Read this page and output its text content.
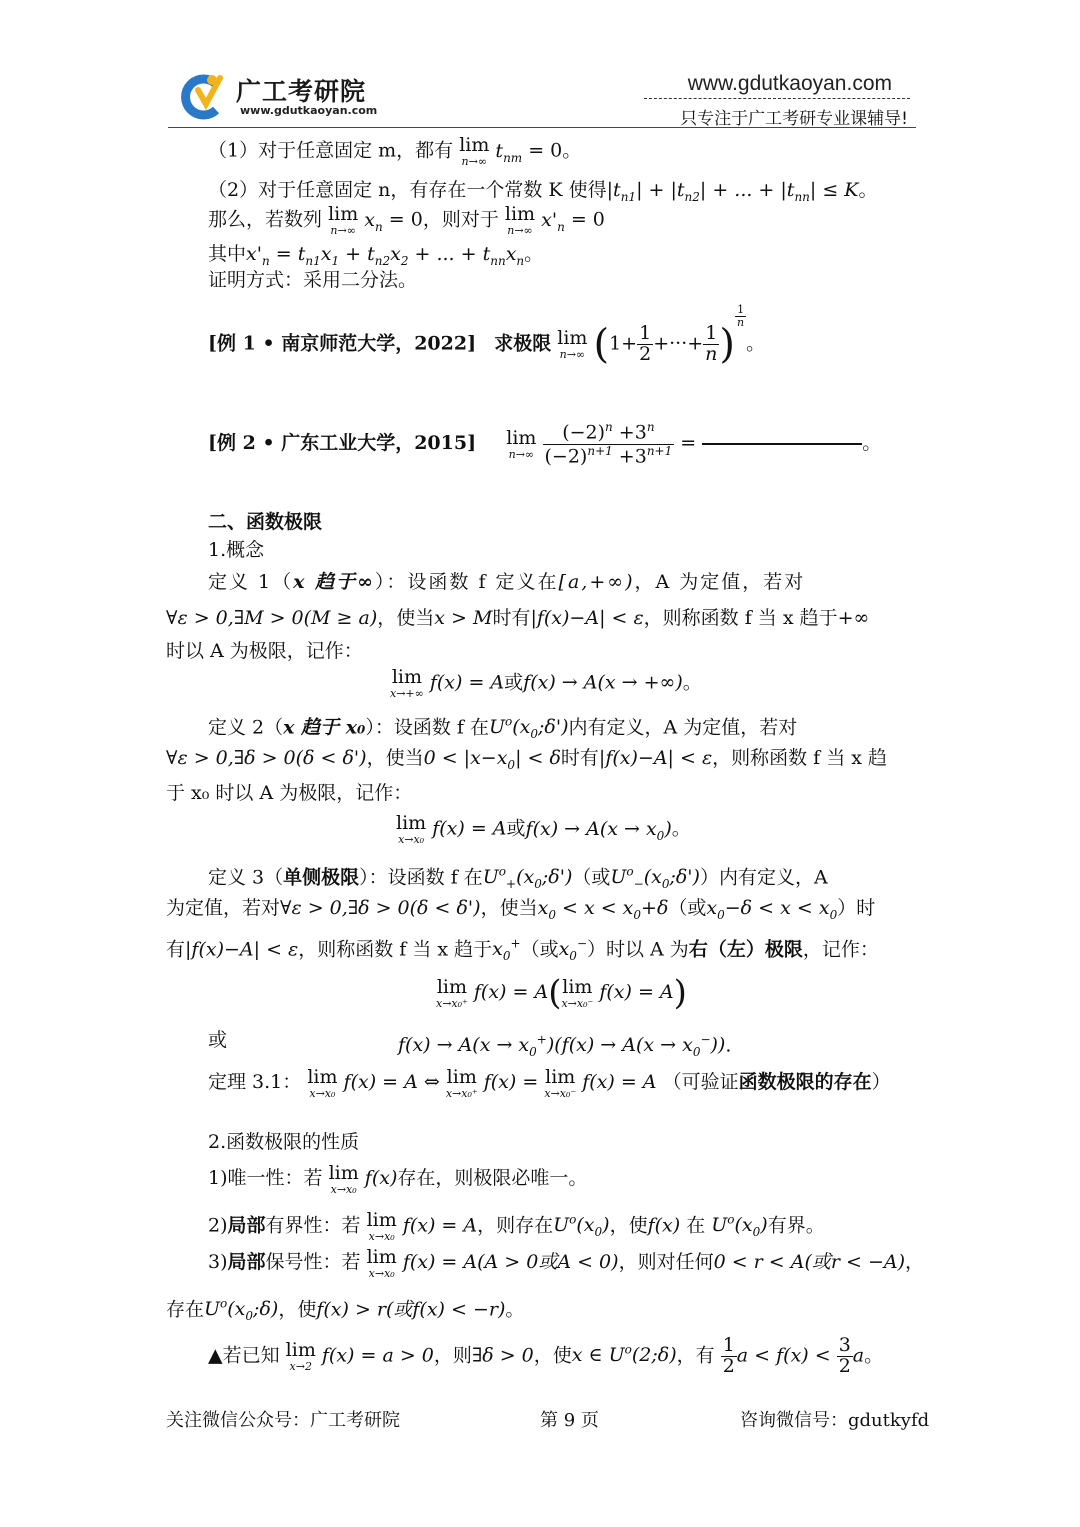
广工考研院
www.gdutkaoyan.com
www.gdutkaoyan.com
只专注于广工考研专业课辅导!
（1）对于任意固定 m，都有 lim
n→∞ $t_{nm} = 0$。
（2）对于任意固定 n，有存在一个常数 K 使得$|t_{n1}| + |t_{n2}|$ + ... + $|t_{nn}| \le K$。
那么，若数列 lim
n→∞ $x_n = 0$，则对于 lim
n→∞ $x'_n = 0$
其中$x'_n = t_{n1}x_1 + t_{n2}x_2$ + ... + $t_{nn}x_n$。
证明方式：采用二分法。
[例 1 • 南京师范大学，2022] 求极限 lim
n→∞ ($1+ \frac{1}{2}$ +···+ $\frac{1}{n}$ )
$^{\frac{1}{n}}$
。
[例 2 • 广东工业大学，2015] lim
n→∞
$\frac{(-2)^n +3^n}{(-2)^{n+1} +3^{n+1}}$ =	。
二、函数极限
1.概念
定义 1（x 趋于∞）：设函数 f 定义在[a,+∞)，A 为定值，若对
∀ε > 0,∃M > 0(M ≥ a)，使当x > M时有|f(x)−A| < ε，则称函数 f 当 x 趋于+∞
时以 A 为极限，记作：
lim
x→+∞ f(x) = A或f(x) → A(x → +∞)。
定义 2（x 趋于 x₀）：设函数 f 在$U^o(x_0;\delta')$内有定义，A 为定值，若对
∀ε > 0,∃δ > 0(δ < δ')，使当$0 < |x-x_0| < \delta$时有|f(x)−A| < ε，则称函数 f 当 x 趋
于 x₀ 时以 A 为极限，记作：
lim
x→x₀ f(x) = A或$f(x) \to A(x \to x_0)$。
定义 3（单侧极限）：设函数 f 在$U^o_+(x_0;\delta')$（或$U^o_-(x_0;\delta')$）内有定义，A
为定值，若对∀ε > 0,∃δ > 0(δ < δ')，使当$x_0 < x < x_0+\delta$（或$x_0-\delta < x < x_0$）时
有|f(x)−A| < ε，则称函数 f 当 x 趋于$x_0^+$（或$x_0^-$）时以 A 为右（左）极限，记作：
lim
x→x₀⁺ f(x) = A( lim
x→x₀⁻ f(x) = A)
或	$f(x) \to A(x \to x_0^+)(f(x) \to A(x \to x_0^-))$.
定理 3.1： lim
x→x₀ f(x) = A ⇔ lim
x→x₀⁺ f(x) = lim
x→x₀⁻ f(x) = A （可验证函数极限的存在）
2.函数极限的性质
1)唯一性：若 lim
x→x₀ f(x)存在，则极限必唯一。
2)局部有界性：若 lim
x→x₀ f(x) = A，则存在$U^o(x_0)$，使f(x) 在 $U^o(x_0)$有界。
3)局部保号性：若 lim
x→x₀ f(x) = A(A > 0或A < 0)，则对任何0 < r < A(或r < −A)，
存在$U^o(x_0;\delta)$，使f(x) > r(或f(x) < −r)。
▲若已知 lim
x→2 f(x) = a > 0，则∃δ > 0，使x ∈ $U^o(2;\delta)$，有 $\frac{1}{2}$ $a < f(x) < \frac{3}{2}$ a。
关注微信公众号：广工考研院	第 9 页	咨询微信号：gdutkyfd
